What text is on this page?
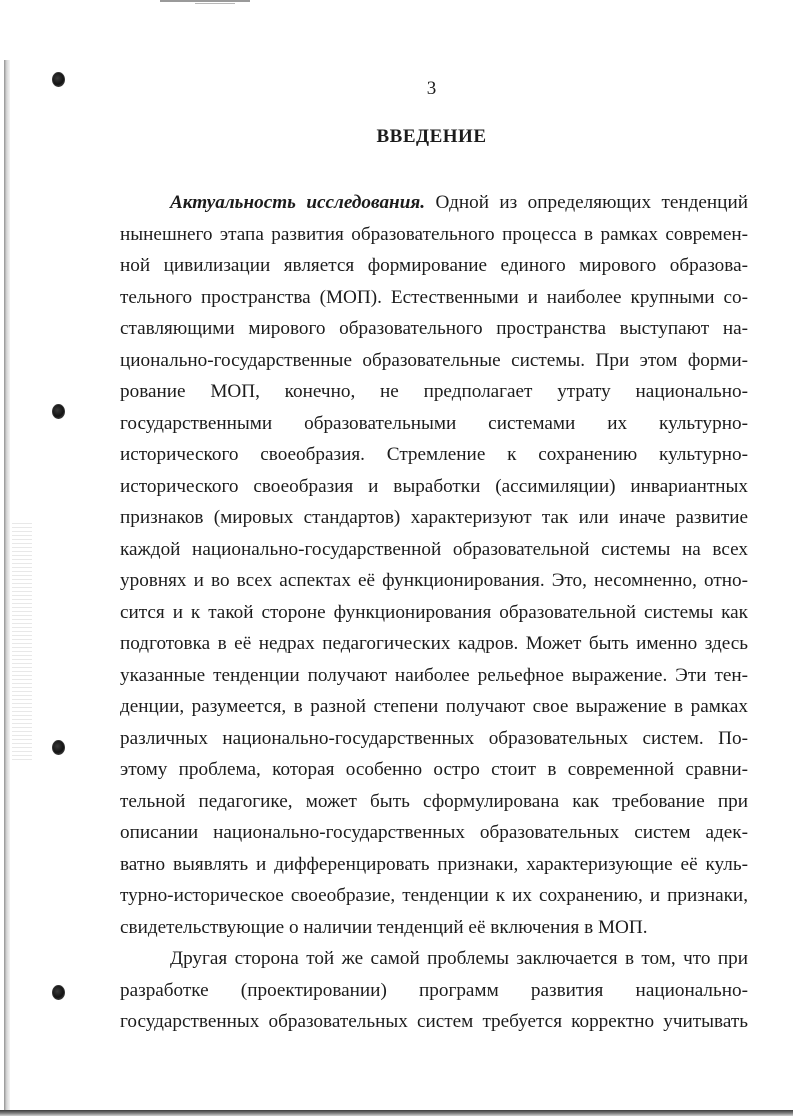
3
ВВЕДЕНИЕ
Актуальность исследования. Одной из определяющих тенденций
нынешнего этапа развития образовательного процесса в рамках современ-
ной цивилизации является формирование единого мирового образова-
тельного пространства (МОП). Естественными и наиболее крупными со-
ставляющими мирового образовательного пространства выступают на-
ционально-государственные образовательные системы. При этом форми-
рование МОП, конечно, не предполагает утрату национально-
государственными образовательными системами их культурно-
исторического своеобразия. Стремление к сохранению культурно-
исторического своеобразия и выработки (ассимиляции) инвариантных
признаков (мировых стандартов) характеризуют так или иначе развитие
каждой национально-государственной образовательной системы на всех
уровнях и во всех аспектах её функционирования. Это, несомненно, отно-
сится и к такой стороне функционирования образовательной системы как
подготовка в её недрах педагогических кадров. Может быть именно здесь
указанные тенденции получают наиболее рельефное выражение. Эти тен-
денции, разумеется, в разной степени получают свое выражение в рамках
различных национально-государственных образовательных систем. По-
этому проблема, которая особенно остро стоит в современной сравни-
тельной педагогике, может быть сформулирована как требование при
описании национально-государственных образовательных систем адек-
ватно выявлять и дифференцировать признаки, характеризующие её куль-
турно-историческое своеобразие, тенденции к их сохранению, и признаки,
свидетельствующие о наличии тенденций её включения в МОП.
Другая сторона той же самой проблемы заключается в том, что при
разработке (проектировании) программ развития национально-
государственных образовательных систем требуется корректно учитывать
